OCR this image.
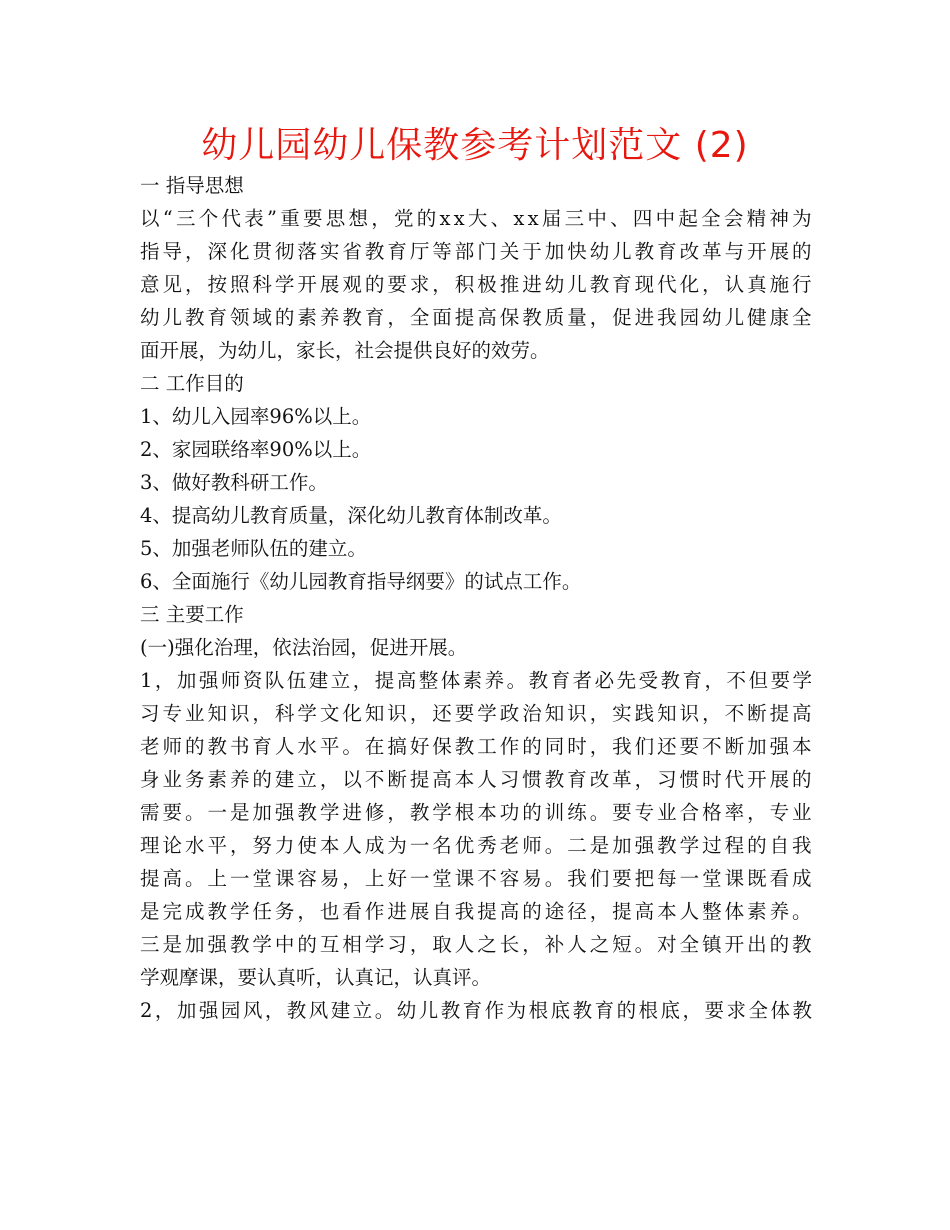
幼儿园幼儿保教参考计划范文 (2)
一 指导思想
以 “ 三 个 代 表 ” 重 要 思 想 ， 党 的 x x 大 、 x x 届 三 中 、 四 中 起 全 会 精 神 为
指 导 ， 深 化 贯 彻 落 实 省 教 育 厅 等 部 门 关 于 加 快 幼 儿 教 育 改 革 与 开 展 的
意 见 ， 按 照 科 学 开 展 观 的 要 求 ， 积 极 推 进 幼 儿 教 育 现 代 化 ， 认 真 施 行
幼 儿 教 育 领 域 的 素 养 教 育 ， 全 面 提 高 保 教 质 量 ， 促 进 我 园 幼 儿 健 康 全
面开展，为幼儿，家长，社会提供良好的效劳。
二 工作目的
1、幼儿入园率96%以上。
2、家园联络率90%以上。
3、做好教科研工作。
4、提高幼儿教育质量，深化幼儿教育体制改革。
5、加强老师队伍的建立。
6、全面施行《幼儿园教育指导纲要》的试点工作。
三 主要工作
(一)强化治理，依法治园，促进开展。
1 ， 加 强 师 资 队 伍 建 立 ， 提 高 整 体 素 养 。 教 育 者 必 先 受 教 育 ， 不 但 要 学
习 专 业 知 识 ， 科 学 文 化 知 识 ， 还 要 学 政 治 知 识 ， 实 践 知 识 ， 不 断 提 高
老 师 的 教 书 育 人 水 平 。 在 搞 好 保 教 工 作 的 同 时 ， 我 们 还 要 不 断 加 强 本
身 业 务 素 养 的 建 立 ， 以 不 断 提 高 本 人 习 惯 教 育 改 革 ， 习 惯 时 代 开 展 的
需 要 。 一 是 加 强 教 学 进 修 ， 教 学 根 本 功 的 训 练 。 要 专 业 合 格 率 ， 专 业
理 论 水 平 ， 努 力 使 本 人 成 为 一 名 优 秀 老 师 。 二 是 加 强 教 学 过 程 的 自 我
提 高 。 上 一 堂 课 容 易 ， 上 好 一 堂 课 不 容 易 。 我 们 要 把 每 一 堂 课 既 看 成
是 完 成 教 学 任 务 ， 也 看 作 进 展 自 我 提 高 的 途 径 ， 提 高 本 人 整 体 素 养 。
三 是 加 强 教 学 中 的 互 相 学 习 ， 取 人 之 长 ， 补 人 之 短 。 对 全 镇 开 出 的 教
学观摩课，要认真听，认真记，认真评。
2 ， 加 强 园 风 ， 教 风 建 立 。 幼 儿 教 育 作 为 根 底 教 育 的 根 底 ， 要 求 全 体 教
